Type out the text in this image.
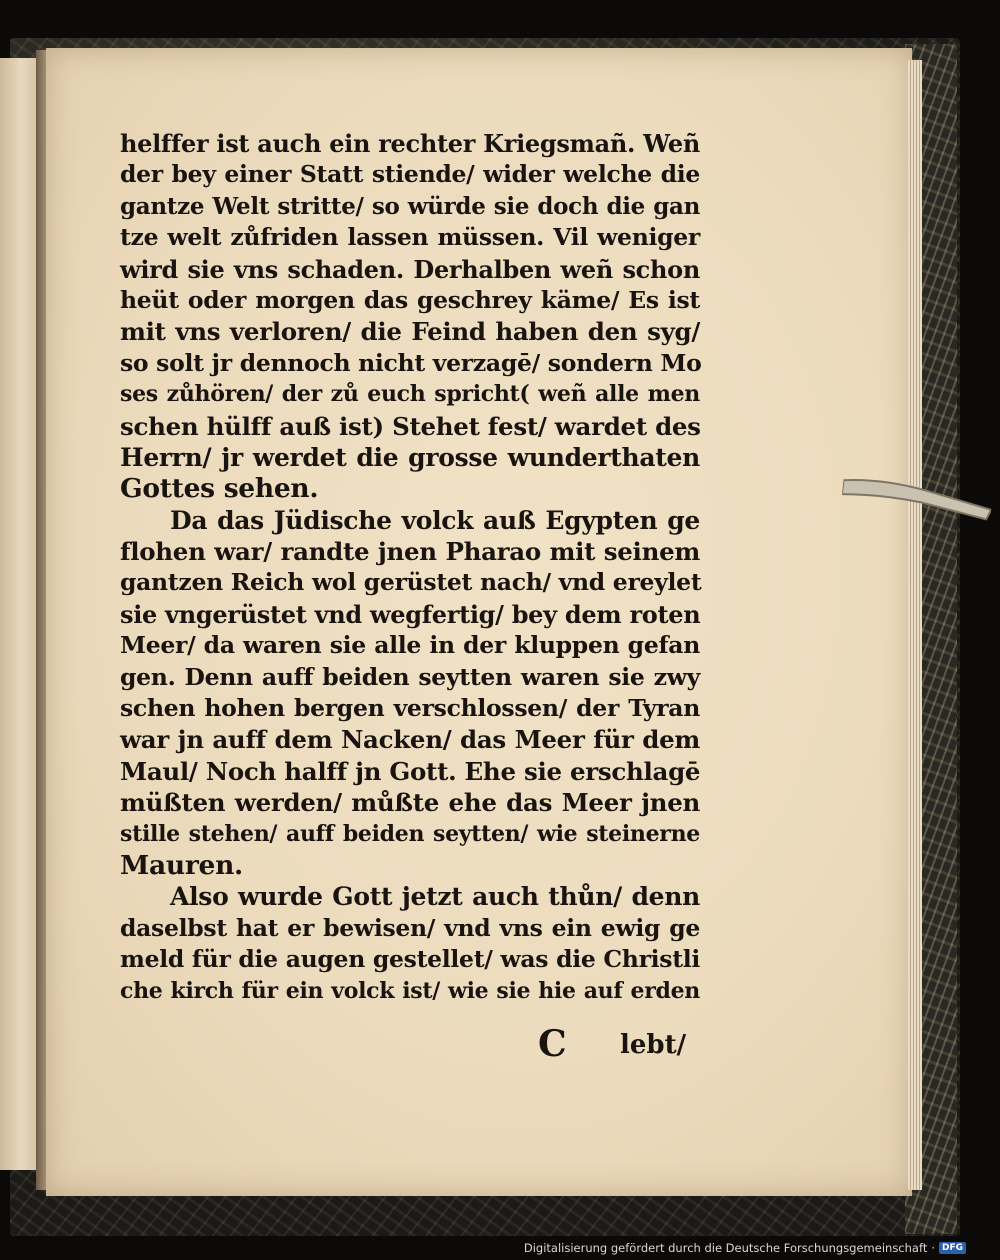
helffer ist auch ein rechter Kriegsmañ. Weñ
der bey einer Statt stiende/ wider welche die
gantze Welt stritte/ so würde sie doch die gan
tze welt zůfriden lassen müssen. Vil weniger
wird sie vns schaden. Derhalben weñ schon
heüt oder morgen das geschrey käme/ Es ist
mit vns verloren/ die Feind haben den syg/
so solt jr dennoch nicht verzagē/ sondern Mo
ses zůhören/ der zů euch spricht( weñ alle men
schen hülff auß ist) Stehet fest/ wardet des
Herrn/ jr werdet die grosse wunderthaten
Gottes sehen.
Da das Jüdische volck auß Egypten ge
flohen war/ randte jnen Pharao mit seinem
gantzen Reich wol gerüstet nach/ vnd ereylet
sie vngerüstet vnd wegfertig/ bey dem roten
Meer/ da waren sie alle in der kluppen gefan
gen. Denn auff beiden seytten waren sie zwy
schen hohen bergen verschlossen/ der Tyran
war jn auff dem Nacken/ das Meer für dem
Maul/ Noch halff jn Gott. Ehe sie erschlagē
müßten werden/ můßte ehe das Meer jnen
stille stehen/ auff beiden seytten/ wie steinerne
Mauren.
Also wurde Gott jetzt auch thůn/ denn
daselbst hat er bewisen/ vnd vns ein ewig ge
meld für die augen gestellet/ was die Christli
che kirch für ein volck ist/ wie sie hie auf erden
C lebt/
Digitalisierung gefördert durch die Deutsche Forschungsgemeinschaft · DFG
